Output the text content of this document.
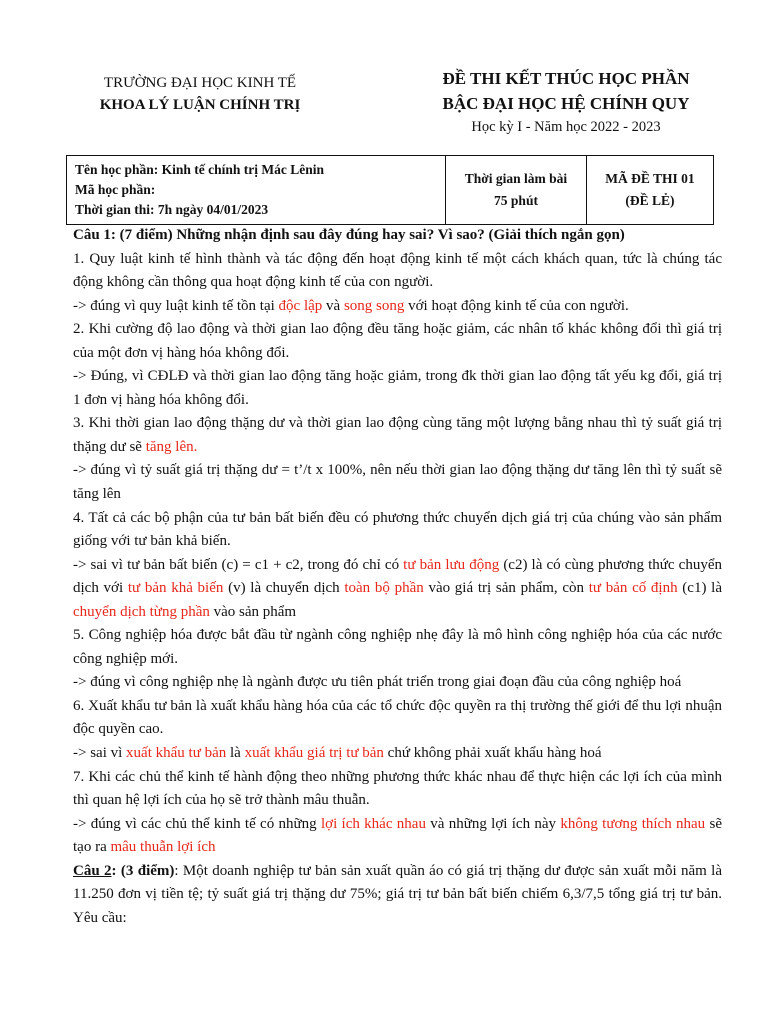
TRƯỜNG ĐẠI HỌC KINH TẾ
KHOA LÝ LUẬN CHÍNH TRỊ
ĐỀ THI KẾT THÚC HỌC PHẦN
BẬC ĐẠI HỌC HỆ CHÍNH QUY
Học kỳ I - Năm học 2022 - 2023
Tên học phần: Kinh tế chính trị Mác Lênin
Mã học phần:
Thời gian thi: 7h ngày 04/01/2023

Thời gian làm bài
75 phút

MÃ ĐỀ THI 01
(ĐỀ LẺ)

Câu 1: (7 điểm) Những nhận định sau đây đúng hay sai? Vì sao? (Giải thích ngắn gọn)

1. Quy luật kinh tế hình thành và tác động đến hoạt động kinh tế một cách khách quan, tức là chúng tác động không cần thông qua hoạt động kinh tế của con người.

-> đúng vì quy luật kinh tế tồn tại độc lập và song song với hoạt động kinh tế của con người.

2. Khi cường độ lao động và thời gian lao động đều tăng hoặc giảm, các nhân tố khác không đổi thì giá trị của một đơn vị hàng hóa không đổi.

-> Đúng, vì CĐLĐ và thời gian lao động tăng hoặc giảm, trong đk thời gian lao động tất yếu kg đổi, giá trị 1 đơn vị hàng hóa không đổi.

3. Khi thời gian lao động thặng dư và thời gian lao động cùng tăng một lượng bằng nhau thì tỷ suất giá trị thặng dư sẽ tăng lên.

-> đúng vì tỷ suất giá trị thặng dư = t’/t x 100%, nên nếu thời gian lao động thặng dư tăng lên thì tỷ suất sẽ tăng lên

4. Tất cả các bộ phận của tư bản bất biến đều có phương thức chuyển dịch giá trị của chúng vào sản phẩm giống với tư bản khả biến.

-> sai vì tư bản bất biến (c) = c1 + c2, trong đó chỉ có tư bản lưu động (c2) là có cùng phương thức chuyển dịch với tư bản khả biến (v) là chuyển dịch toàn bộ phần vào giá trị sản phẩm, còn tư bản cố định (c1) là chuyển dịch từng phần vào sản phẩm

5. Công nghiệp hóa được bắt đầu từ ngành công nghiệp nhẹ đây là mô hình công nghiệp hóa của các nước công nghiệp mới.

-> đúng vì công nghiệp nhẹ là ngành được ưu tiên phát triển trong giai đoạn đầu của công nghiệp hoá

6. Xuất khẩu tư bản là xuất khẩu hàng hóa của các tổ chức độc quyền ra thị trường thế giới để thu lợi nhuận độc quyền cao.

-> sai vì xuất khẩu tư bản là xuất khẩu giá trị tư bản chứ không phải xuất khẩu hàng hoá

7. Khi các chủ thể kinh tế hành động theo những phương thức khác nhau để thực hiện các lợi ích của mình thì quan hệ lợi ích của họ sẽ trở thành mâu thuẫn.

-> đúng vì các chủ thể kinh tế có những lợi ích khác nhau và những lợi ích này không tương thích nhau sẽ tạo ra mâu thuẫn lợi ích

Câu 2: (3 điểm): Một doanh nghiệp tư bản sản xuất quần áo có giá trị thặng dư được sản xuất mỗi năm là 11.250 đơn vị tiền tệ; tỷ suất giá trị thặng dư 75%; giá trị tư bản bất biến chiếm 6,3/7,5 tổng giá trị tư bản. Yêu cầu:
